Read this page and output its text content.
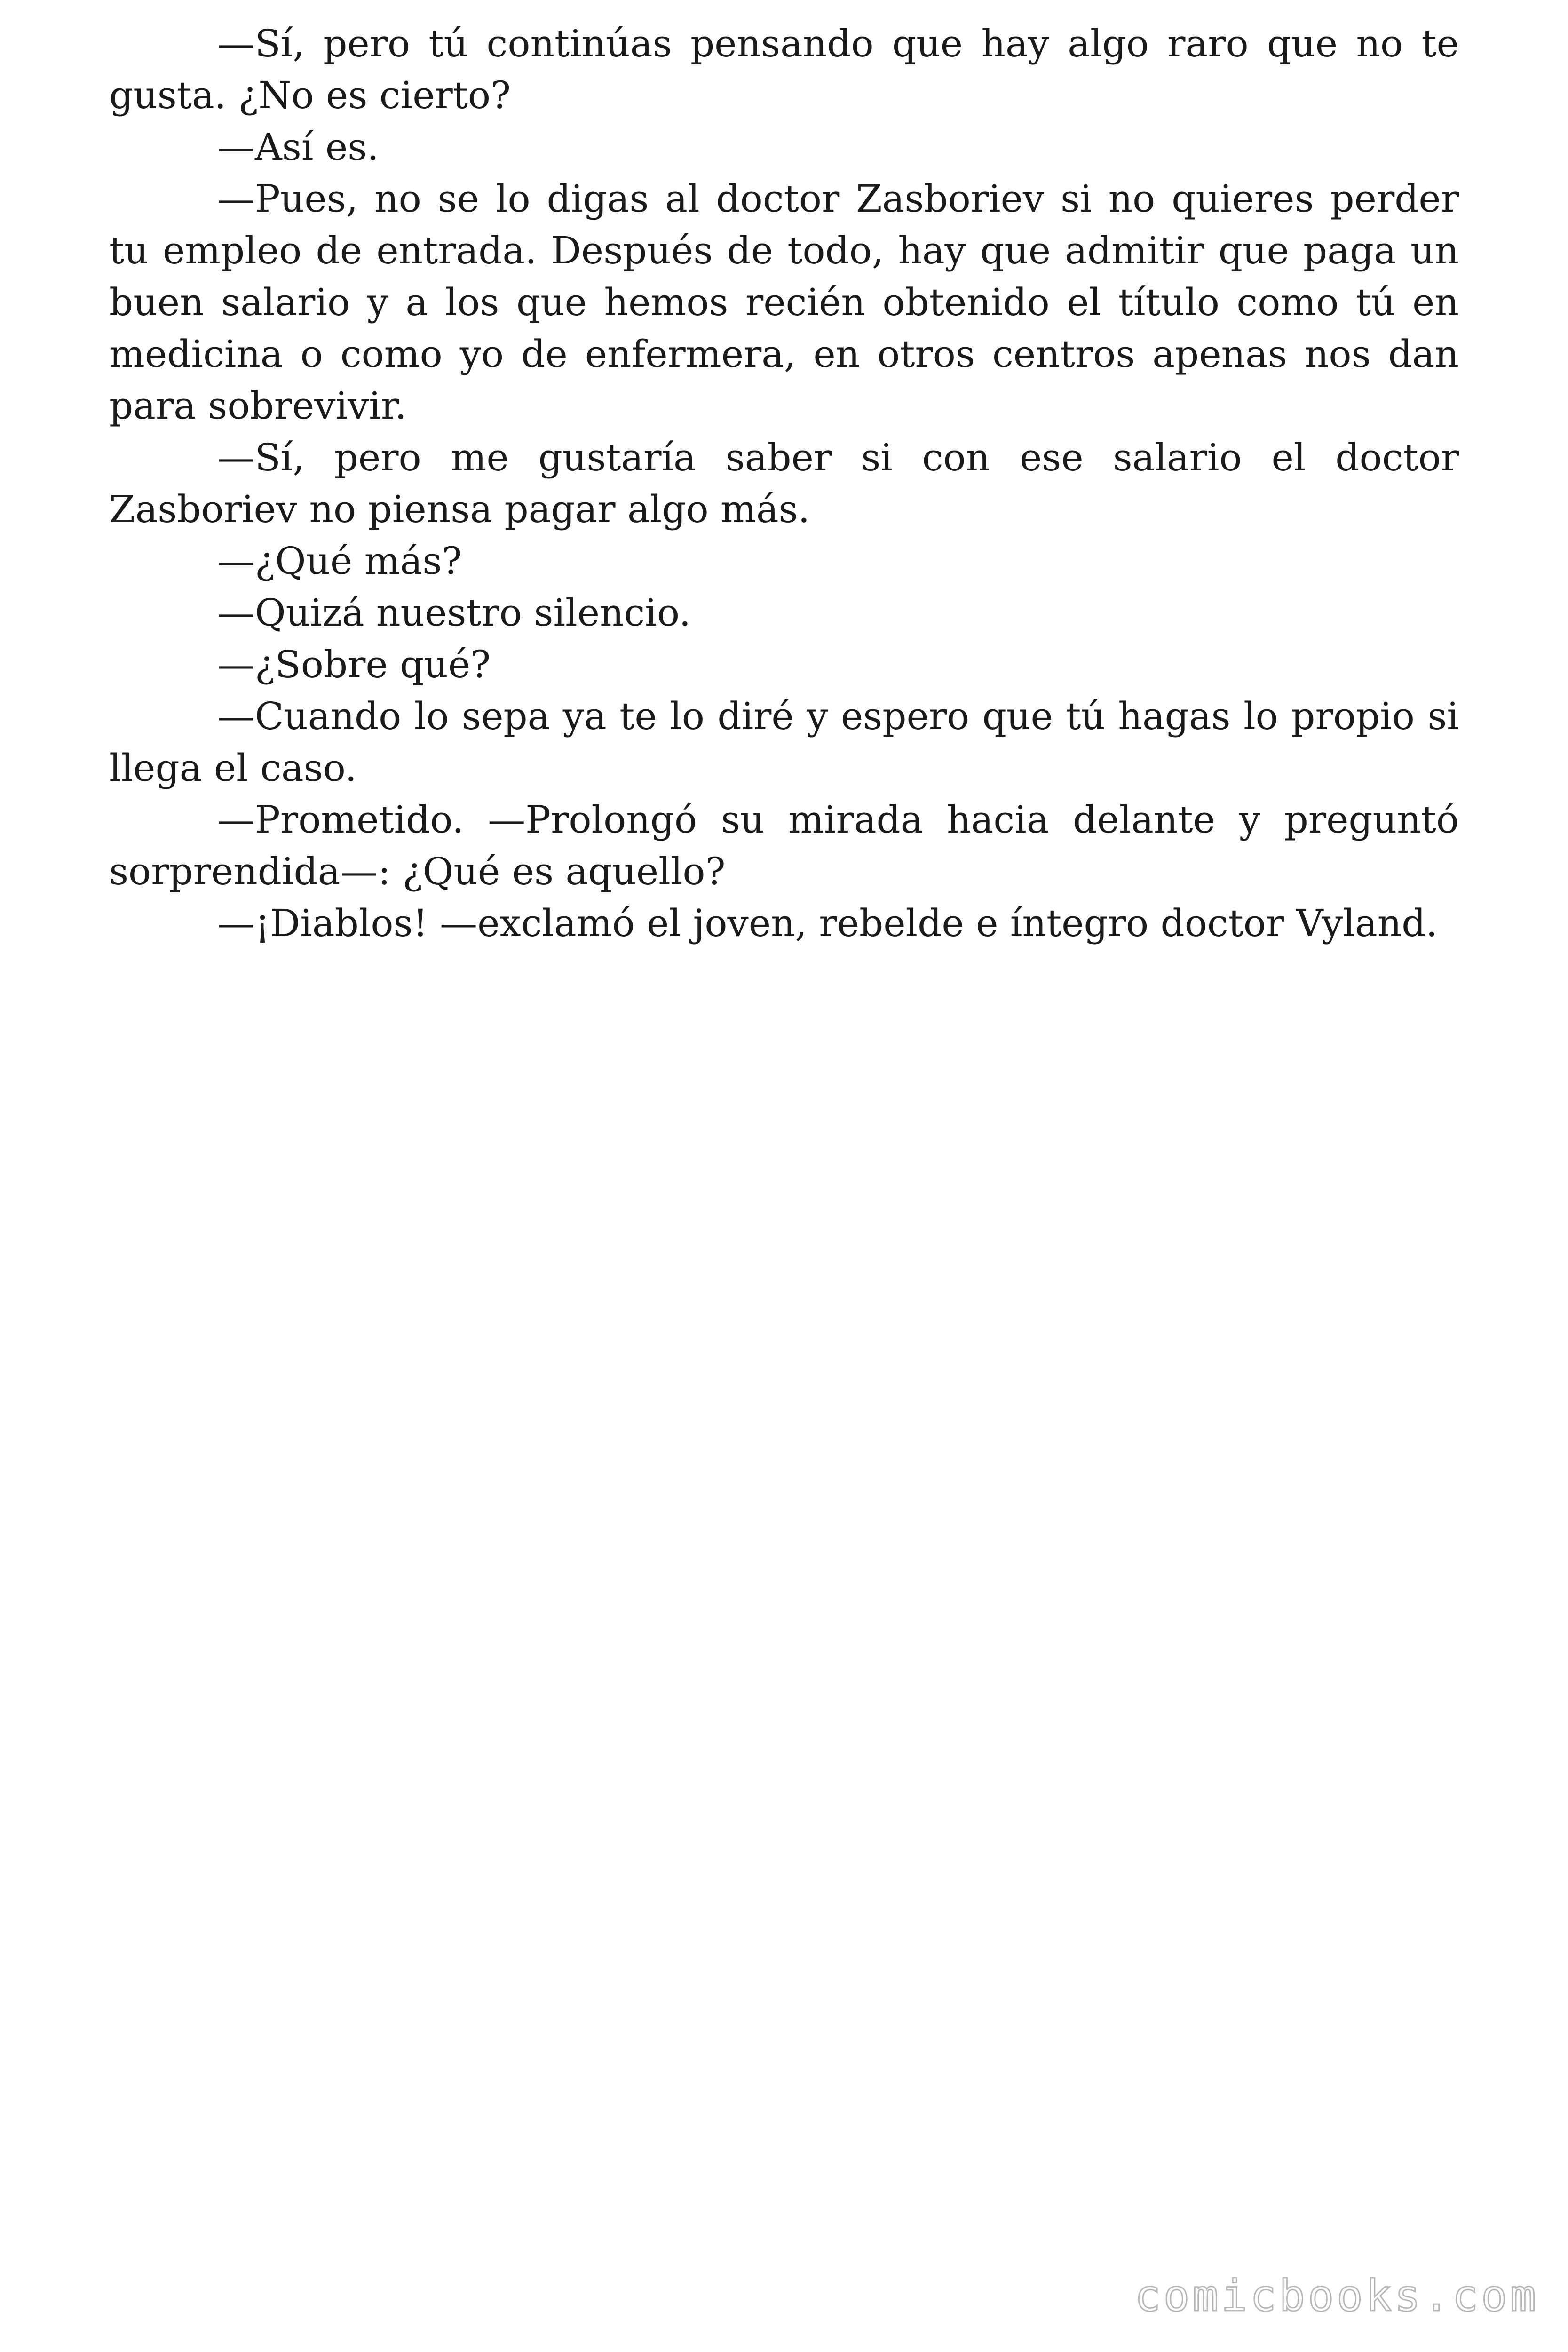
—Sí, pero tú continúas pensando que hay algo raro que no te gusta. ¿No es cierto?

—Así es.

—Pues, no se lo digas al doctor Zasboriev si no quieres perder tu empleo de entrada. Después de todo, hay que admitir que paga un buen salario y a los que hemos recién obtenido el título como tú en medicina o como yo de enfermera, en otros centros apenas nos dan para sobrevivir.

—Sí, pero me gustaría saber si con ese salario el doctor Zasboriev no piensa pagar algo más.

—¿Qué más?

—Quizá nuestro silencio.

—¿Sobre qué?

—Cuando lo sepa ya te lo diré y espero que tú hagas lo propio si llega el caso.

—Prometido. —Prolongó su mirada hacia delante y preguntó sorprendida—: ¿Qué es aquello?

—¡Diablos! —exclamó el joven, rebelde e íntegro doctor Vyland.

comicbooks.com
